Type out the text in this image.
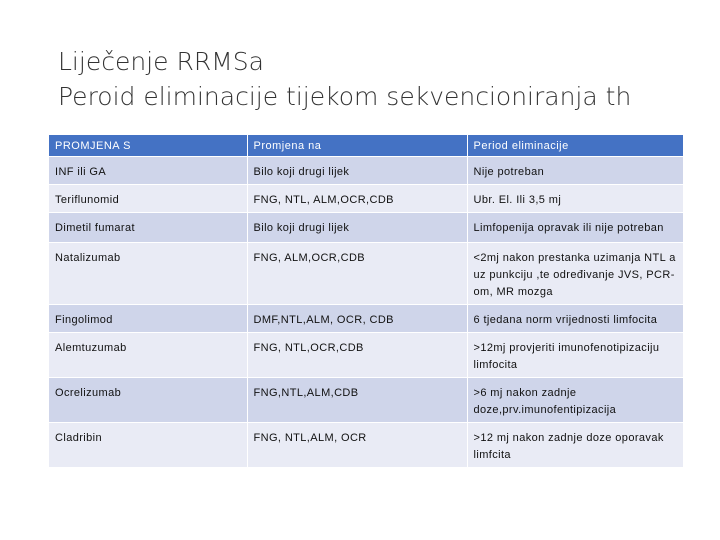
Liječenje RRMSa
Peroid eliminacije tijekom sekvencioniranja th
PROMJENA S	Promjena na	Period eliminacije
INF ili GA	Bilo koji drugi lijek	Nije potreban
Teriflunomid	FNG, NTL, ALM,OCR,CDB	Ubr. El. Ili 3,5 mj
Dimetil fumarat	Bilo koji drugi lijek	Limfopenija opravak ili nije potreban
Natalizumab	FNG, ALM,OCR,CDB	<2mj nakon prestanka uzimanja NTL a uz punkciju ,te određivanje JVS, PCR-om, MR mozga
Fingolimod	DMF,NTL,ALM, OCR, CDB	6 tjedana norm vrijednosti limfocita
Alemtuzumab	FNG, NTL,OCR,CDB	>12mj provjeriti imunofenotipizaciju limfocita
Ocrelizumab	FNG,NTL,ALM,CDB	>6 mj nakon zadnje doze,prv.imunofentipizacija
Cladribin	FNG, NTL,ALM, OCR	>12 mj nakon zadnje doze oporavak limfcita
